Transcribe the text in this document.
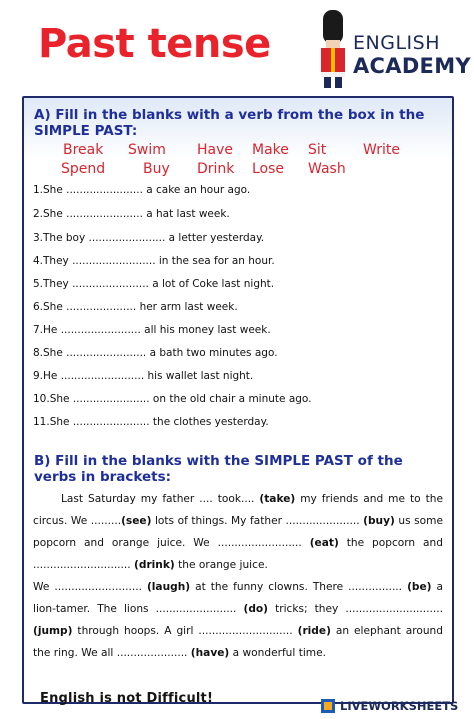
Past tense	ENGLISH
ACADEMY
A) Fill in the blanks with a verb from the box in the SIMPLE PAST:
Break Swim Have Make Sit	Write
Spend	Buy Drink Lose Wash
1.She ....................... a cake an hour ago.
2.She ....................... a hat last week.
3.The boy ....................... a letter yesterday.
4.They ......................... in the sea for an hour.
5.They ....................... a lot of Coke last night.
6.She ..................... her arm last week.
7.He ........................ all his money last week.
8.She ........................ a bath two minutes ago.
9.He ......................... his wallet last night.
10.She ....................... on the old chair a minute ago.
11.She ....................... the clothes yesterday.
B) Fill in the blanks with the SIMPLE PAST of the verbs in brackets:
Last Saturday my father .... took.... (take) my friends and me to the circus. We .........(see) lots of things. My father ...................... (buy) us some popcorn and orange juice. We ......................... (eat) the popcorn and ............................. (drink) the orange juice.
We .......................... (laugh) at the funny clowns. There ................ (be) a lion-tamer. The lions ........................ (do) tricks; they ............................. (jump) through hoops. A girl ............................ (ride) an elephant around the ring. We all ..................... (have) a wonderful time.
English is not Difficult!	LIVEWORKSHEETS
